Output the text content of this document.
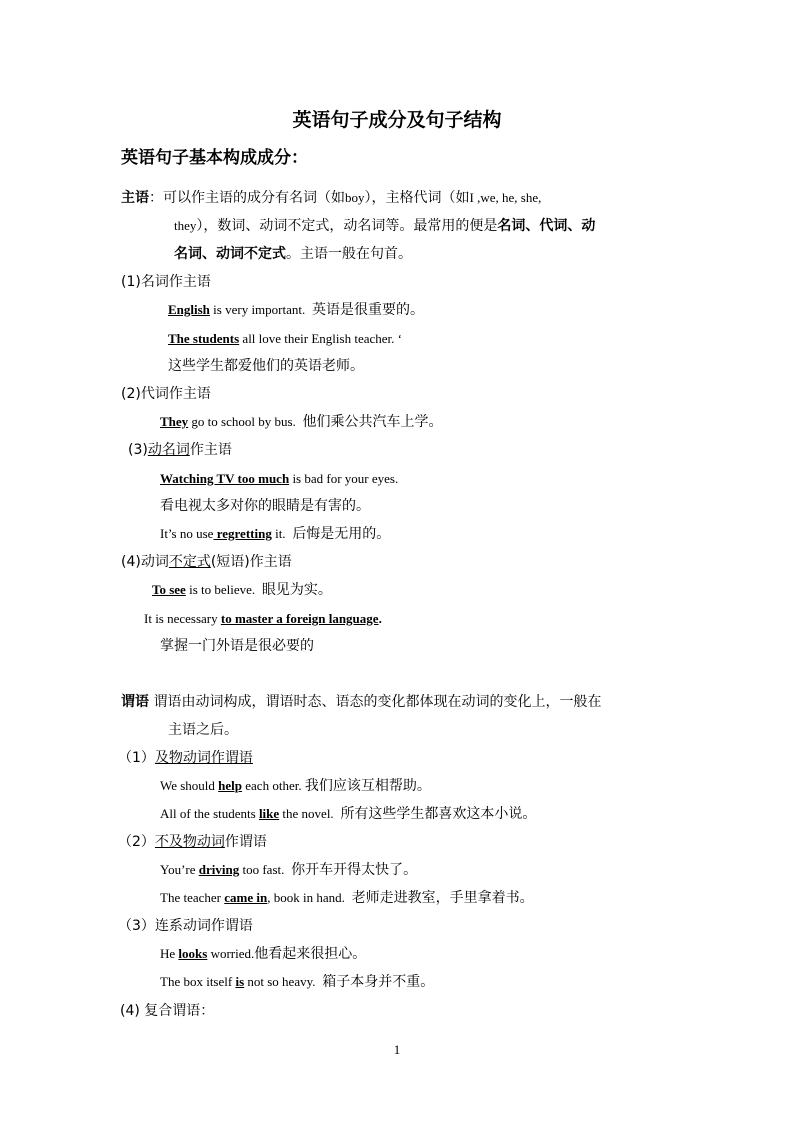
英语句子成分及句子结构
英语句子基本构成成分：
主语：可以作主语的成分有名词（如boy），主格代词（如I ,we, he, she,
they），数词、动词不定式，动名词等。最常用的便是名词、代词、动
名词、动词不定式。主语一般在句首。
(1)名词作主语
English is very important.  英语是很重要的。
The students all love their English teacher. ‘
这些学生都爱他们的英语老师。
(2)代词作主语
They go to school by bus.  他们乘公共汽车上学。
(3)动名词作主语
Watching TV too much is bad for your eyes.
看电视太多对你的眼睛是有害的。
It’s no use regretting it.  后悔是无用的。
(4)动词不定式(短语)作主语
To see is to believe.  眼见为实。
It is necessary to master a foreign language.
掌握一门外语是很必要的
谓语 谓语由动词构成，谓语时态、语态的变化都体现在动词的变化上，一般在
主语之后。
（1）及物动词作谓语
We should help each other. 我们应该互相帮助。
All of the students like the novel.  所有这些学生都喜欢这本小说。
（2）不及物动词作谓语
You’re driving too fast.  你开车开得太快了。
The teacher came in, book in hand.  老师走进教室，手里拿着书。
（3）连系动词作谓语
He looks worried.他看起来很担心。
The box itself is not so heavy.  箱子本身并不重。
(4) 复合谓语：
1
